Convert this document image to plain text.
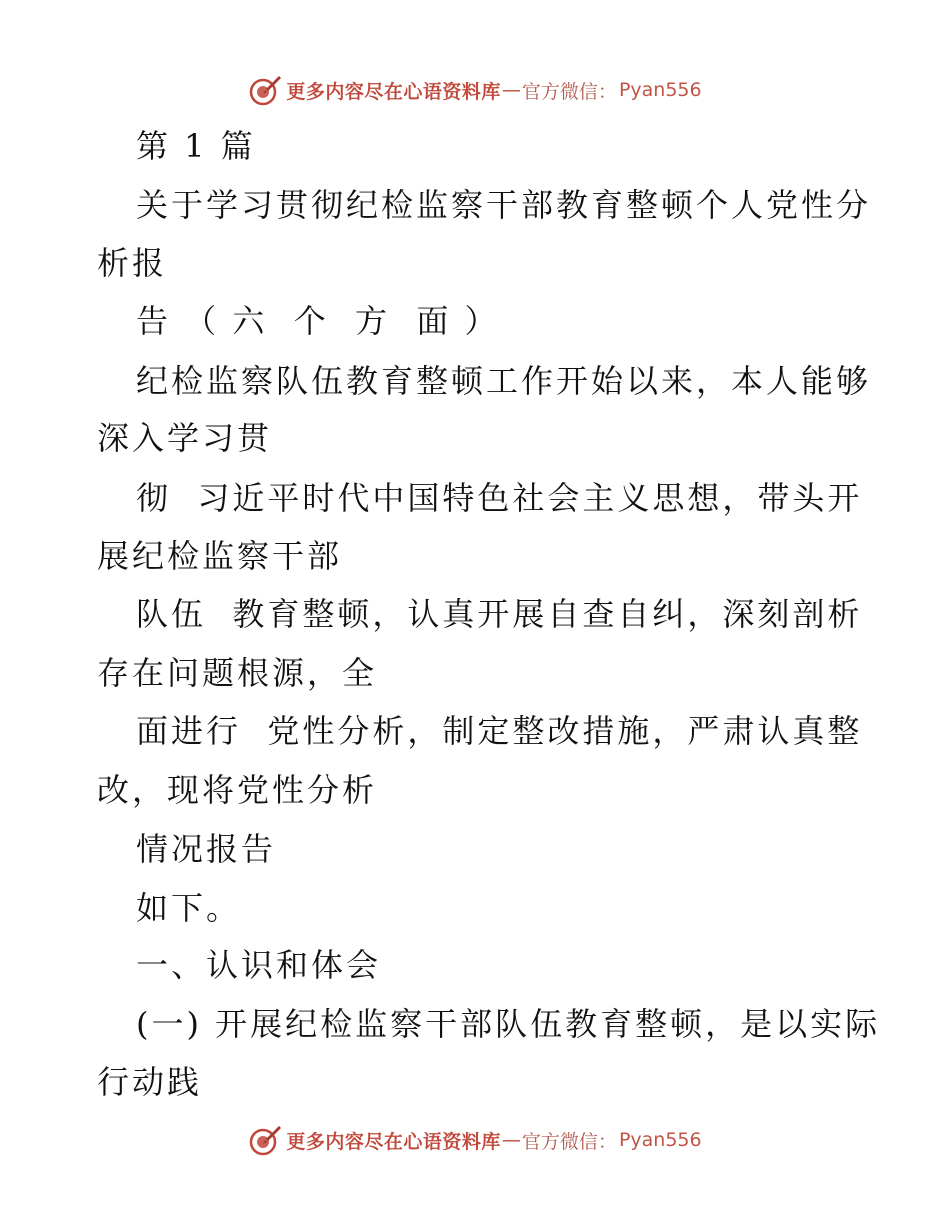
更多内容尽在心语资料库 — 官方微信： Pyan556
第 1 篇
关于学习贯彻纪检监察干部教育整顿个人党性分
析报
告 （ 六  个  方  面 ）
纪检监察队伍教育整顿工作开始以来，本人能够
深入学习贯
彻  习近平时代中国特色社会主义思想，带头开
展纪检监察干部
队伍  教育整顿，认真开展自查自纠，深刻剖析
存在问题根源，全
面进行  党性分析，制定整改措施，严肃认真整
改，现将党性分析
情况报告
如下。
一、认识和体会
(一) 开展纪检监察干部队伍教育整顿，是以实际
行动践
更多内容尽在心语资料库 — 官方微信： Pyan556
